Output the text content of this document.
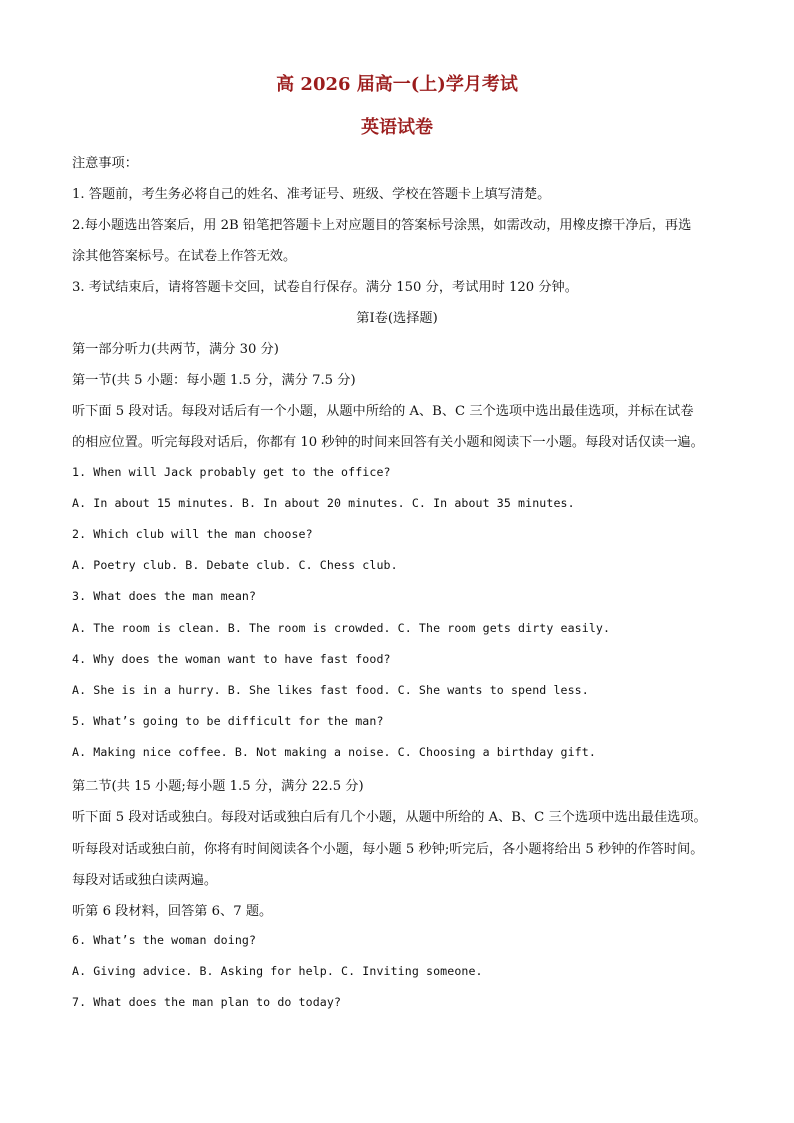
高 2026 届高一(上)学月考试
英语试卷
注意事项：
1. 答题前，考生务必将自己的姓名、准考证号、班级、学校在答题卡上填写清楚。
2.每小题选出答案后，用 2B 铅笔把答题卡上对应题目的答案标号涂黑，如需改动，用橡皮擦干净后，再选
涂其他答案标号。在试卷上作答无效。
3. 考试结束后，请将答题卡交回，试卷自行保存。满分 150 分，考试用时 120 分钟。
第Ⅰ卷(选择题)
第一部分听力(共两节，满分 30 分)
第一节(共 5 小题：每小题 1.5 分，满分 7.5 分)
听下面 5 段对话。每段对话后有一个小题，从题中所给的 A、B、C 三个选项中选出最佳选项，并标在试卷
的相应位置。听完每段对话后，你都有 10 秒钟的时间来回答有关小题和阅读下一小题。每段对话仅读一遍。
1. When will Jack probably get to the office?
A. In about 15 minutes. B. In about 20 minutes. C. In about 35 minutes.
2. Which club will the man choose?
A. Poetry club. B. Debate club. C. Chess club.
3. What does the man mean?
A. The room is clean. B. The room is crowded. C. The room gets dirty easily.
4. Why does the woman want to have fast food?
A. She is in a hurry. B. She likes fast food. C. She wants to spend less.
5. What’s going to be difficult for the man?
A. Making nice coffee. B. Not making a noise. C. Choosing a birthday gift.
第二节(共 15 小题;每小题 1.5 分，满分 22.5 分)
听下面 5 段对话或独白。每段对话或独白后有几个小题，从题中所给的 A、B、C 三个选项中选出最佳选项。
听每段对话或独白前，你将有时间阅读各个小题，每小题 5 秒钟;听完后，各小题将给出 5 秒钟的作答时间。
每段对话或独白读两遍。
听第 6 段材料，回答第 6、7 题。
6. What’s the woman doing?
A. Giving advice. B. Asking for help. C. Inviting someone.
7. What does the man plan to do today?
